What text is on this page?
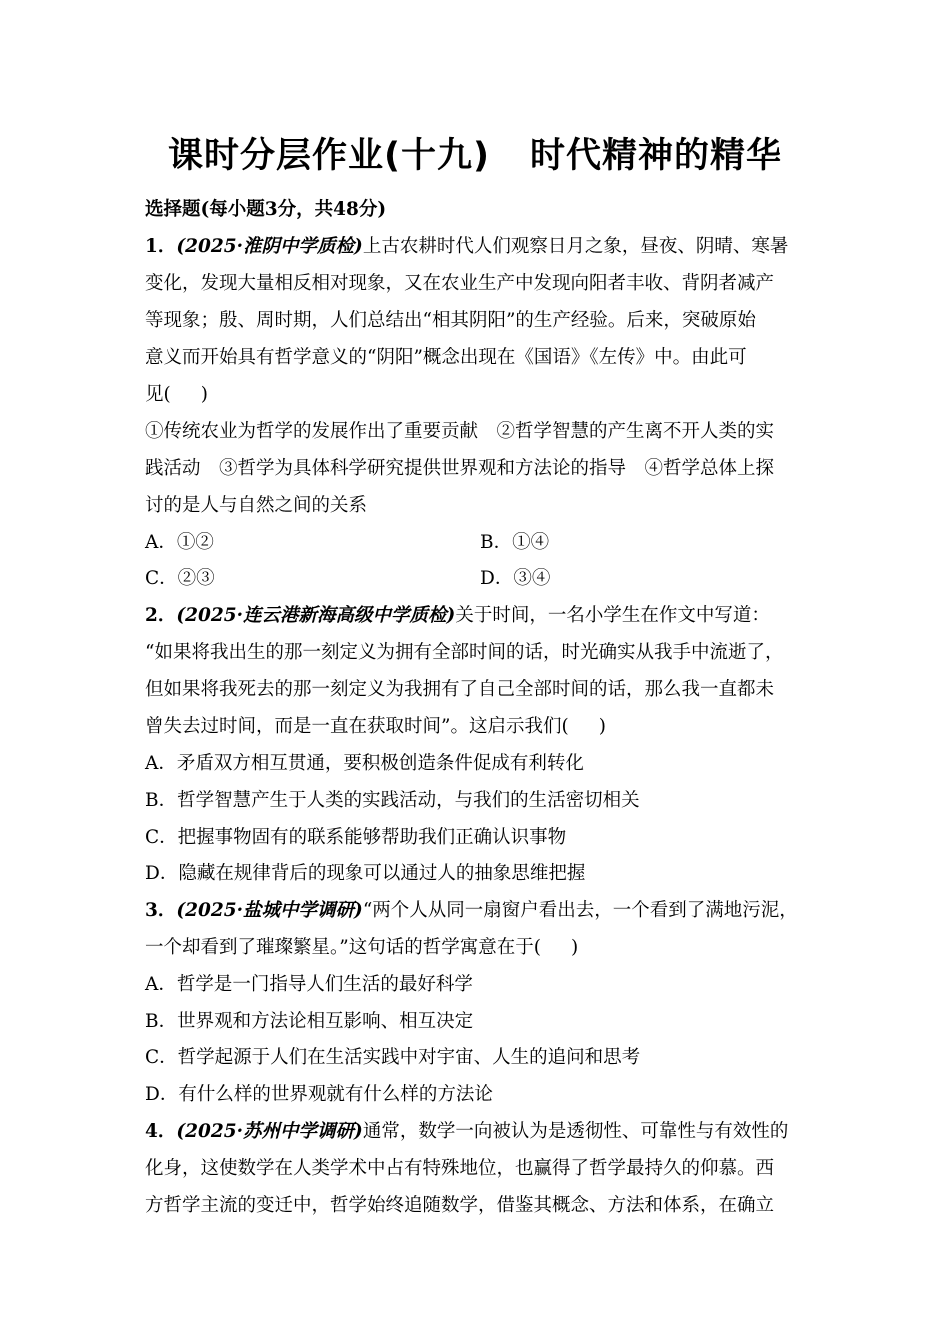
课时分层作业(十九) 时代精神的精华
选择题(每小题3分，共48分)
1．(2025·淮阴中学质检)上古农耕时代人们观察日月之象，昼夜、阴晴、寒暑
变化，发现大量相反相对现象，又在农业生产中发现向阳者丰收、背阴者减产
等现象；殷、周时期，人们总结出“相其阴阳”的生产经验。后来，突破原始
意义而开始具有哲学意义的“阴阳”概念出现在《国语》《左传》中。由此可
见( )
①传统农业为哲学的发展作出了重要贡献　②哲学智慧的产生离不开人类的实
践活动　③哲学为具体科学研究提供世界观和方法论的指导　④哲学总体上探
讨的是人与自然之间的关系
A．①②	B．①④
C．②③	D．③④
2．(2025·连云港新海高级中学质检)关于时间，一名小学生在作文中写道：
“如果将我出生的那一刻定义为拥有全部时间的话，时光确实从我手中流逝了，
但如果将我死去的那一刻定义为我拥有了自己全部时间的话，那么我一直都未
曾失去过时间，而是一直在获取时间”。这启示我们( )
A．矛盾双方相互贯通，要积极创造条件促成有利转化
B．哲学智慧产生于人类的实践活动，与我们的生活密切相关
C．把握事物固有的联系能够帮助我们正确认识事物
D．隐藏在规律背后的现象可以通过人的抽象思维把握
3．(2025·盐城中学调研)“两个人从同一扇窗户看出去，一个看到了满地污泥，
一个却看到了璀璨繁星。”这句话的哲学寓意在于( )
A．哲学是一门指导人们生活的最好科学
B．世界观和方法论相互影响、相互决定
C．哲学起源于人们在生活实践中对宇宙、人生的追问和思考
D．有什么样的世界观就有什么样的方法论
4．(2025·苏州中学调研)通常，数学一向被认为是透彻性、可靠性与有效性的
化身，这使数学在人类学术中占有特殊地位，也赢得了哲学最持久的仰慕。西
方哲学主流的变迁中，哲学始终追随数学，借鉴其概念、方法和体系，在确立
